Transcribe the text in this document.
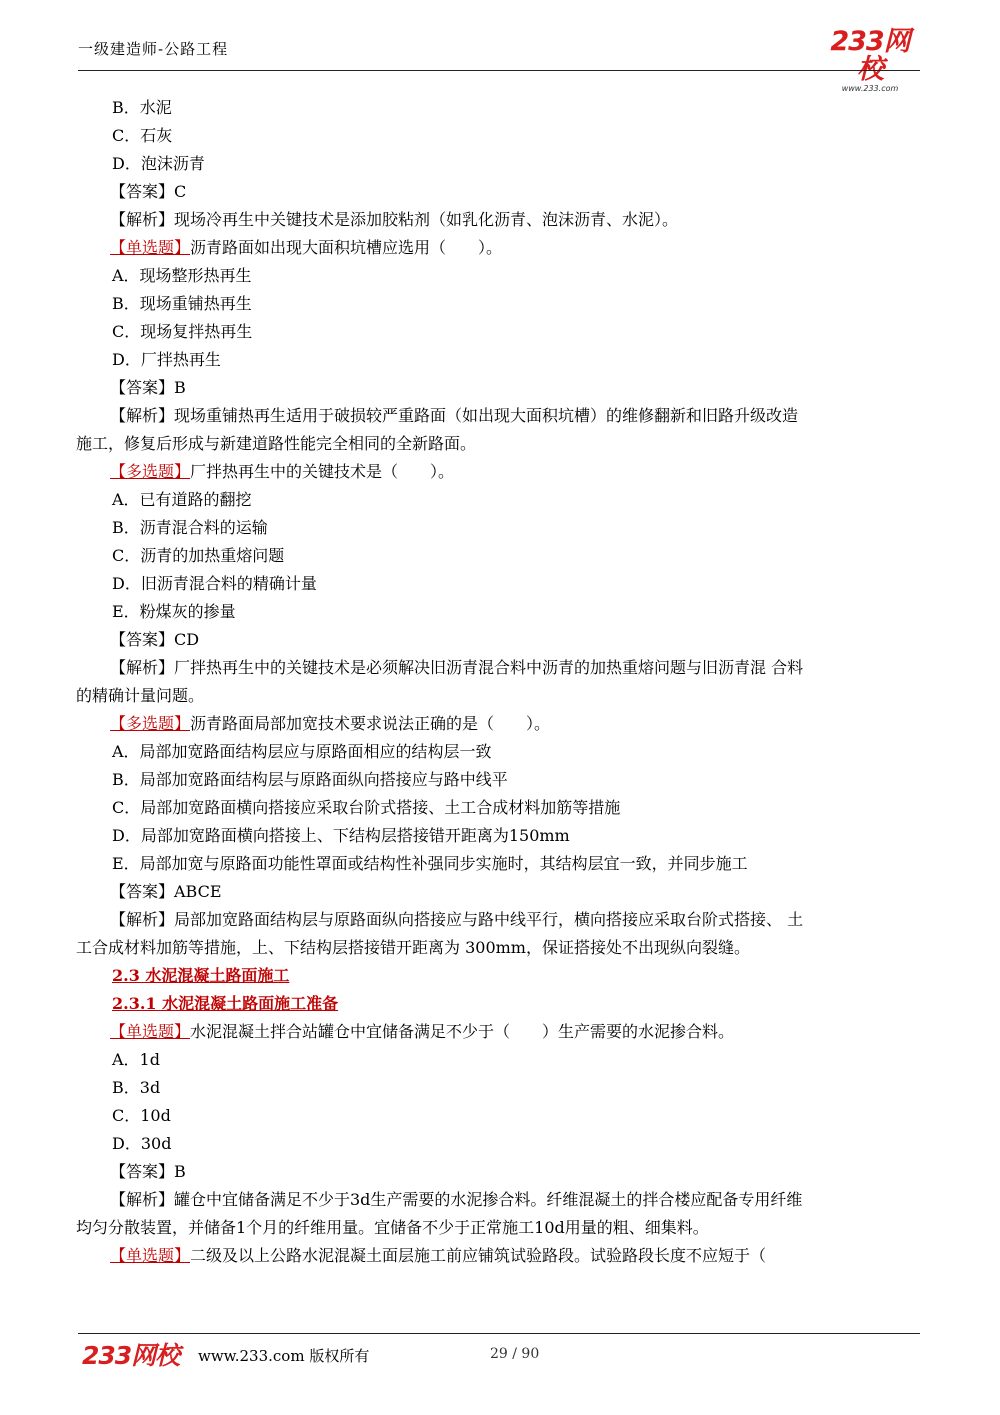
一级建造师-公路工程	233网校
www.233.com
B．水泥
C．石灰
D．泡沫沥青
【答案】C
【解析】现场冷再生中关键技术是添加胶粘剂（如乳化沥青、泡沫沥青、水泥）。
【单选题】沥青路面如出现大面积坑槽应选用（　　）。
A．现场整形热再生
B．现场重铺热再生
C．现场复拌热再生
D．厂拌热再生
【答案】B
【解析】现场重铺热再生适用于破损较严重路面（如出现大面积坑槽）的维修翻新和旧路升级改造
施工，修复后形成与新建道路性能完全相同的全新路面。
【多选题】厂拌热再生中的关键技术是（　　）。
A．已有道路的翻挖
B．沥青混合料的运输
C．沥青的加热重熔问题
D．旧沥青混合料的精确计量
E．粉煤灰的掺量
【答案】CD
【解析】厂拌热再生中的关键技术是必须解决旧沥青混合料中沥青的加热重熔问题与旧沥青混 合料
的精确计量问题。
【多选题】沥青路面局部加宽技术要求说法正确的是（　　）。
A．局部加宽路面结构层应与原路面相应的结构层一致
B．局部加宽路面结构层与原路面纵向搭接应与路中线平
C．局部加宽路面横向搭接应采取台阶式搭接、土工合成材料加筋等措施
D．局部加宽路面横向搭接上、下结构层搭接错开距离为150mm
E．局部加宽与原路面功能性罩面或结构性补强同步实施时，其结构层宜一致，并同步施工
【答案】ABCE
【解析】局部加宽路面结构层与原路面纵向搭接应与路中线平行，横向搭接应采取台阶式搭接、 土
工合成材料加筋等措施，上、下结构层搭接错开距离为 300mm，保证搭接处不出现纵向裂缝。
2.3 水泥混凝土路面施工
2.3.1 水泥混凝土路面施工准备
【单选题】水泥混凝土拌合站罐仓中宜储备满足不少于（　　）生产需要的水泥掺合料。
A．1d
B．3d
C．10d
D．30d
【答案】B
【解析】罐仓中宜储备满足不少于3d生产需要的水泥掺合料。纤维混凝土的拌合楼应配备专用纤维
均匀分散装置，并储备1个月的纤维用量。宜储备不少于正常施工10d用量的粗、细集料。
【单选题】二级及以上公路水泥混凝土面层施工前应铺筑试验路段。试验路段长度不应短于（
233网校 www.233.com 版权所有	29 / 90
